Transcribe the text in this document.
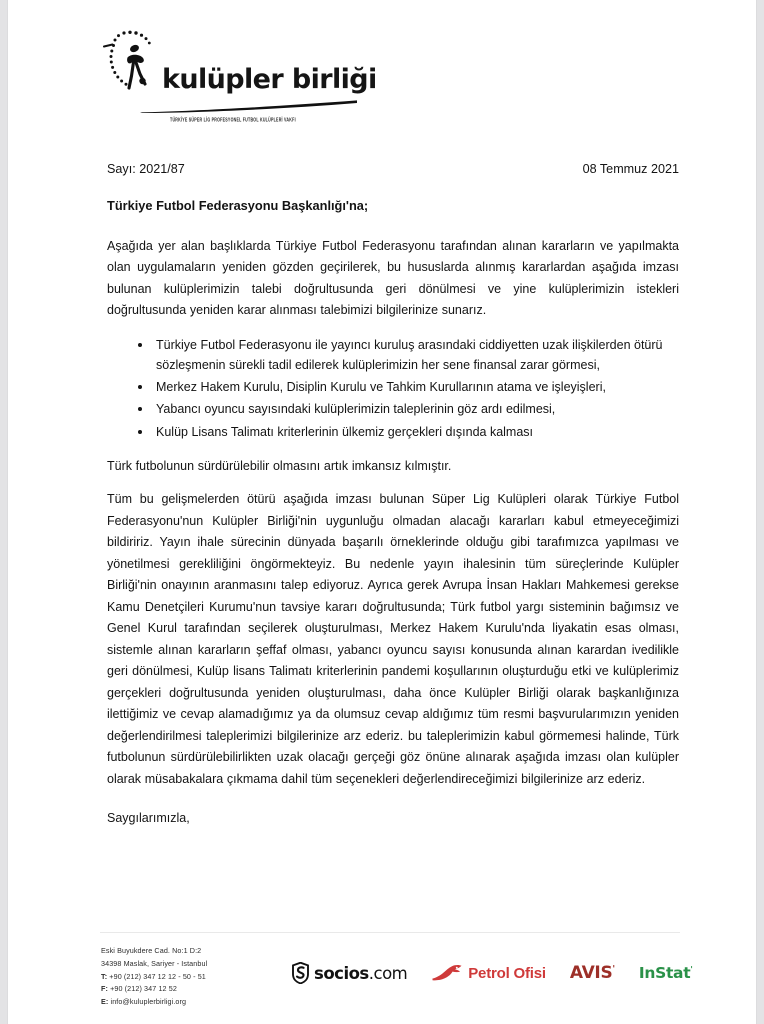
kulüpler birliği
TÜRKİYE SÜPER LİG PROFESYONEL FUTBOL KULÜPLERİ VAKFI
Sayı: 2021/87	08 Temmuz 2021
Türkiye Futbol Federasyonu Başkanlığı'na;

Aşağıda yer alan başlıklarda Türkiye Futbol Federasyonu tarafından alınan kararların ve yapılmakta olan uygulamaların yeniden gözden geçirilerek, bu hususlarda alınmış kararlardan aşağıda imzası bulunan kulüplerimizin talebi doğrultusunda geri dönülmesi ve yine kulüplerimizin istekleri doğrultusunda yeniden karar alınması talebimizi bilgilerinize sunarız.

Türkiye Futbol Federasyonu ile yayıncı kuruluş arasındaki ciddiyetten uzak ilişkilerden ötürü sözleşmenin sürekli tadil edilerek kulüplerimizin her sene finansal zarar görmesi,
Merkez Hakem Kurulu, Disiplin Kurulu ve Tahkim Kurullarının atama ve işleyişleri,
Yabancı oyuncu sayısındaki kulüplerimizin taleplerinin göz ardı edilmesi,
Kulüp Lisans Talimatı kriterlerinin ülkemiz gerçekleri dışında kalması

Türk futbolunun sürdürülebilir olmasını artık imkansız kılmıştır.

Tüm bu gelişmelerden ötürü aşağıda imzası bulunan Süper Lig Kulüpleri olarak Türkiye Futbol Federasyonu'nun Kulüpler Birliği'nin uygunluğu olmadan alacağı kararları kabul etmeyeceğimizi bildiririz. Yayın ihale sürecinin dünyada başarılı örneklerinde olduğu gibi tarafımızca yapılması ve yönetilmesi gerekliliğini öngörmekteyiz. Bu nedenle yayın ihalesinin tüm süreçlerinde Kulüpler Birliği'nin onayının aranmasını talep ediyoruz. Ayrıca gerek Avrupa İnsan Hakları Mahkemesi gerekse Kamu Denetçileri Kurumu'nun tavsiye kararı doğrultusunda; Türk futbol yargı sisteminin bağımsız ve Genel Kurul tarafından seçilerek oluşturulması, Merkez Hakem Kurulu'nda liyakatin esas olması, sistemle alınan kararların şeffaf olması, yabancı oyuncu sayısı konusunda alınan karardan ivedilikle geri dönülmesi, Kulüp lisans Talimatı kriterlerinin pandemi koşullarının oluşturduğu etki ve kulüplerimiz gerçekleri doğrultusunda yeniden oluşturulması, daha önce Kulüpler Birliği olarak başkanlığınıza ilettiğimiz ve cevap alamadığımız ya da olumsuz cevap aldığımız tüm resmi başvurularımızın yeniden değerlendirilmesi taleplerimizi bilgilerinize arz ederiz. bu taleplerimizin kabul görmemesi halinde, Türk futbolunun sürdürülebilirlikten uzak olacağı gerçeği göz önüne alınarak aşağıda imzası olan kulüpler olarak müsabakalara çıkmama dahil tüm seçenekleri değerlendireceğimizi bilgilerinize arz ederiz.

Saygılarımızla,
Eski Buyukdere Cad. No:1 D:2
34398 Maslak, Sariyer - Istanbul
T: +90 (212) 347 12 12 - 50 - 51
F: +90 (212) 347 12 52
E: info@kuluplerbirligi.org
socios.com	Petrol Ofisi AVIS' InStat'
